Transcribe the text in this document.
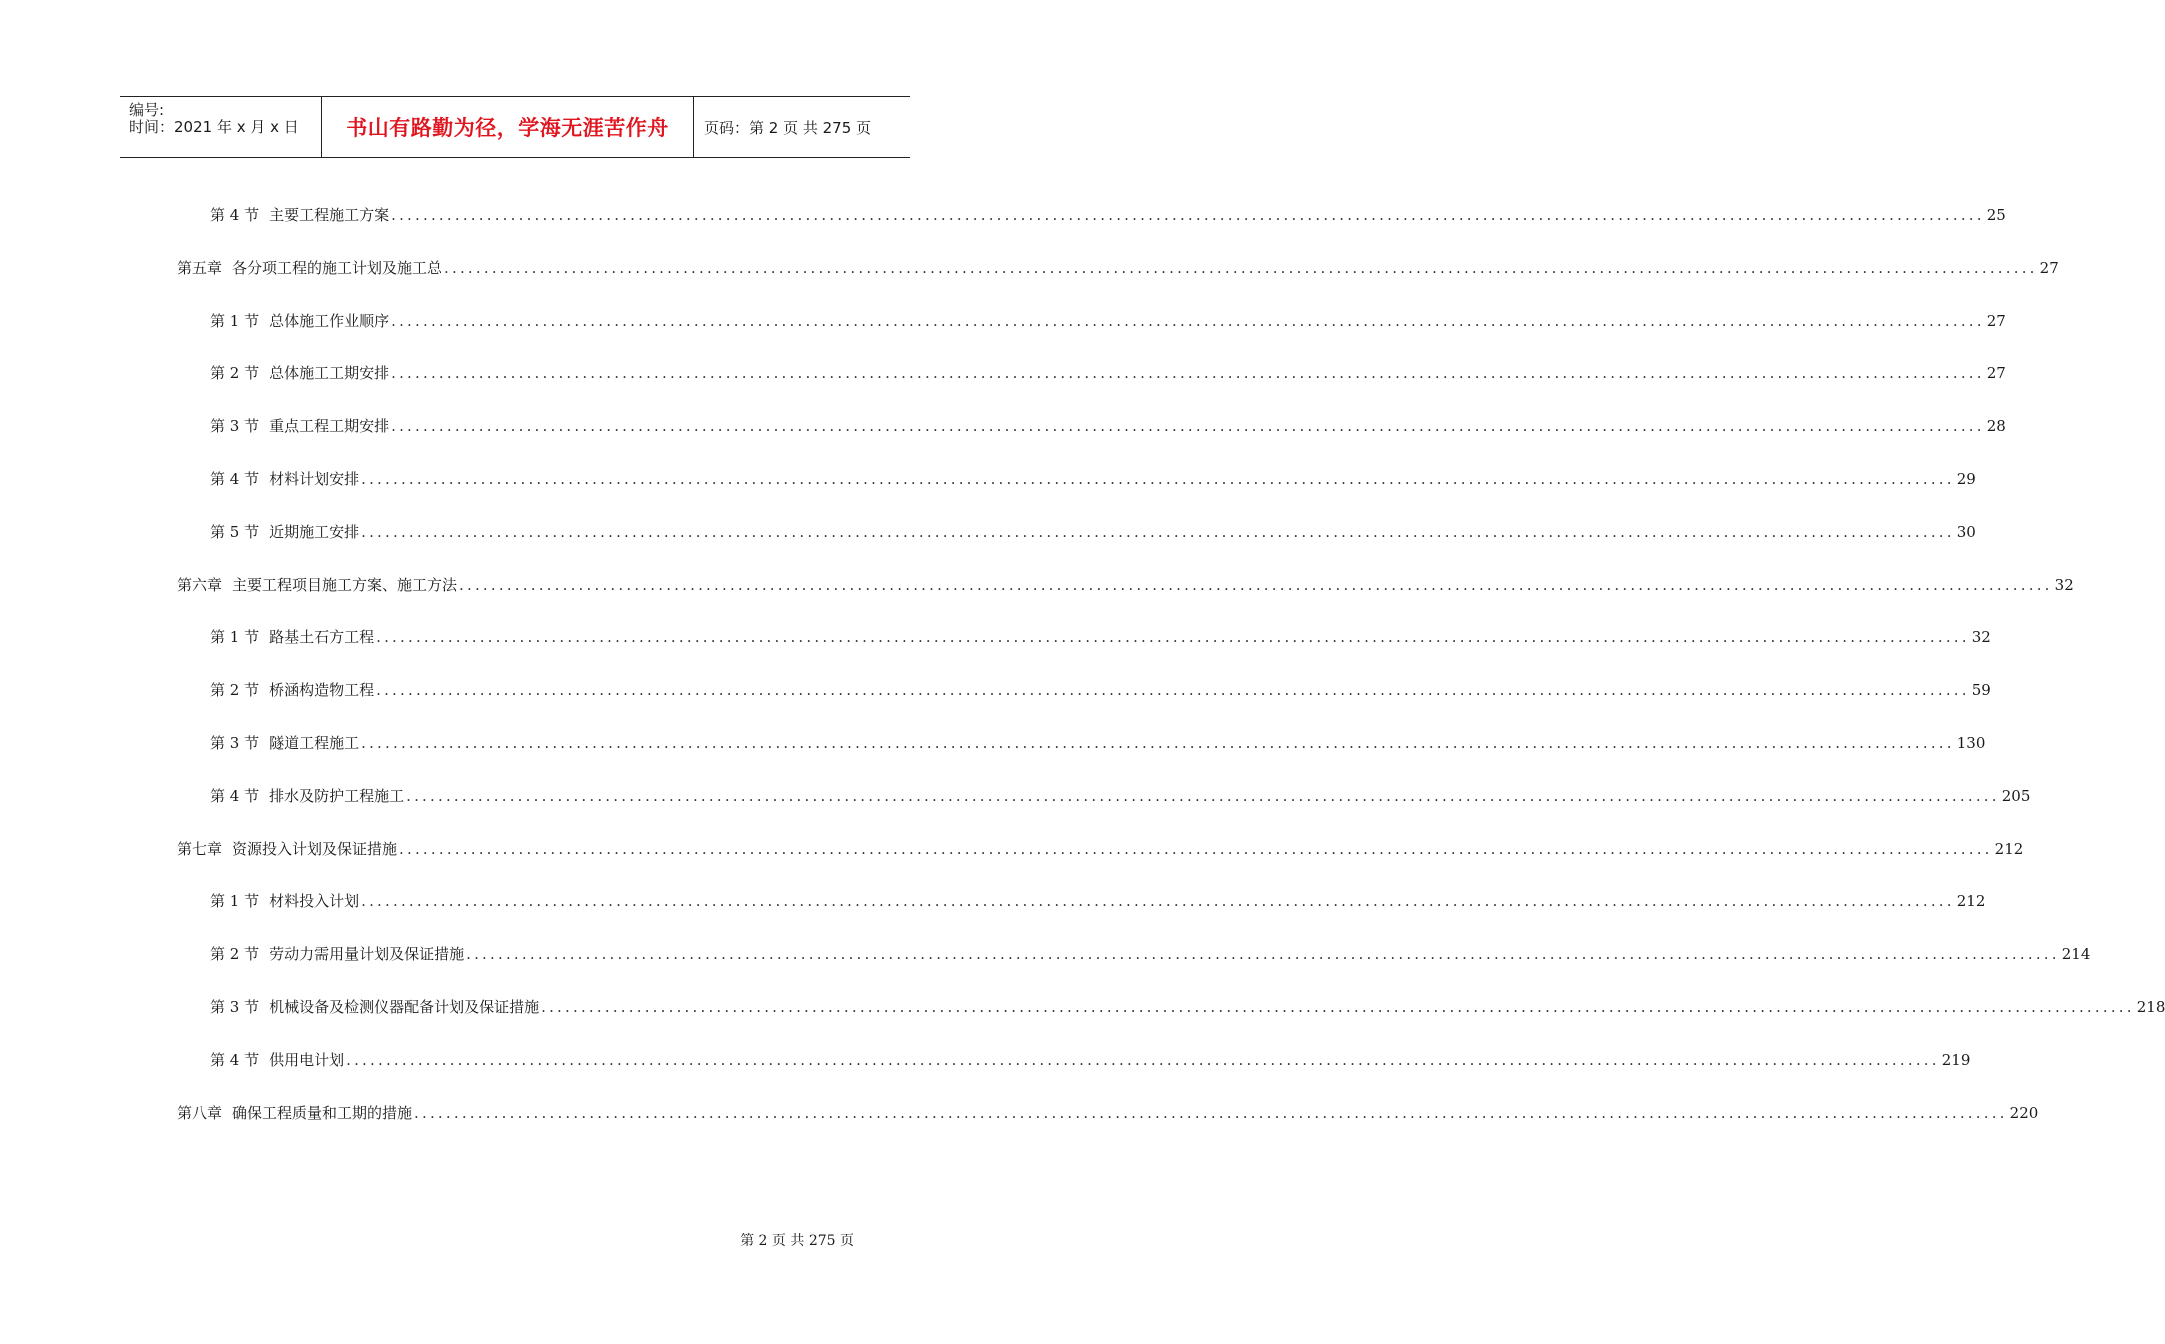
编号:
时间：2021 年 x 月 x 日	书山有路勤为径，学海无涯苦作舟	页码：第 2 页 共 275 页
第 4 节 主要工程施工方案 ........................................................................................................................................................................................................ 25
第五章 各分项工程的施工计划及施工总 ........................................................................................................................................................................................................ 27
第 1 节 总体施工作业顺序 ........................................................................................................................................................................................................ 27
第 2 节 总体施工工期安排 ........................................................................................................................................................................................................ 27
第 3 节 重点工程工期安排 ........................................................................................................................................................................................................ 28
第 4 节 材料计划安排 ........................................................................................................................................................................................................ 29
第 5 节 近期施工安排 ........................................................................................................................................................................................................ 30
第六章 主要工程项目施工方案、施工方法 ........................................................................................................................................................................................................ 32
第 1 节 路基土石方工程 ........................................................................................................................................................................................................ 32
第 2 节 桥涵构造物工程 ........................................................................................................................................................................................................ 59
第 3 节 隧道工程施工 ........................................................................................................................................................................................................ 130
第 4 节 排水及防护工程施工 ........................................................................................................................................................................................................ 205
第七章 资源投入计划及保证措施 ........................................................................................................................................................................................................ 212
第 1 节 材料投入计划 ........................................................................................................................................................................................................ 212
第 2 节 劳动力需用量计划及保证措施 ........................................................................................................................................................................................................ 214
第 3 节 机械设备及检测仪器配备计划及保证措施 ........................................................................................................................................................................................................ 218
第 4 节 供用电计划 ........................................................................................................................................................................................................ 219
第八章 确保工程质量和工期的措施 ........................................................................................................................................................................................................ 220
第 2 页 共 275 页
